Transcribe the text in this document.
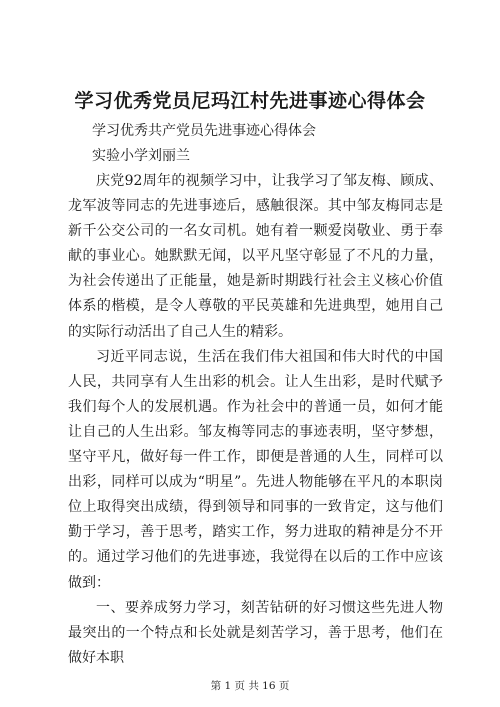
学习优秀党员尼玛江村先进事迹心得体会

学习优秀共产党员先进事迹心得体会

实验小学刘丽兰

庆党92周年的视频学习中，让我学习了邹友梅、顾成、龙军波等同志的先进事迹后，感触很深。其中邹友梅同志是新千公交公司的一名女司机。她有着一颗爱岗敬业、勇于奉献的事业心。她默默无闻，以平凡坚守彰显了不凡的力量，为社会传递出了正能量，她是新时期践行社会主义核心价值体系的楷模，是令人尊敬的平民英雄和先进典型，她用自己的实际行动活出了自己人生的精彩。

习近平同志说，生活在我们伟大祖国和伟大时代的中国人民，共同享有人生出彩的机会。让人生出彩，是时代赋予我们每个人的发展机遇。作为社会中的普通一员，如何才能让自己的人生出彩。邹友梅等同志的事迹表明，坚守梦想，坚守平凡，做好每一件工作，即便是普通的人生，同样可以出彩，同样可以成为“明星”。先进人物能够在平凡的本职岗位上取得突出成绩，得到领导和同事的一致肯定，这与他们勤于学习，善于思考，踏实工作，努力进取的精神是分不开的。通过学习他们的先进事迹，我觉得在以后的工作中应该做到：

一、要养成努力学习，刻苦钻研的好习惯这些先进人物最突出的一个特点和长处就是刻苦学习，善于思考，他们在做好本职

第 1 页 共 16 页
